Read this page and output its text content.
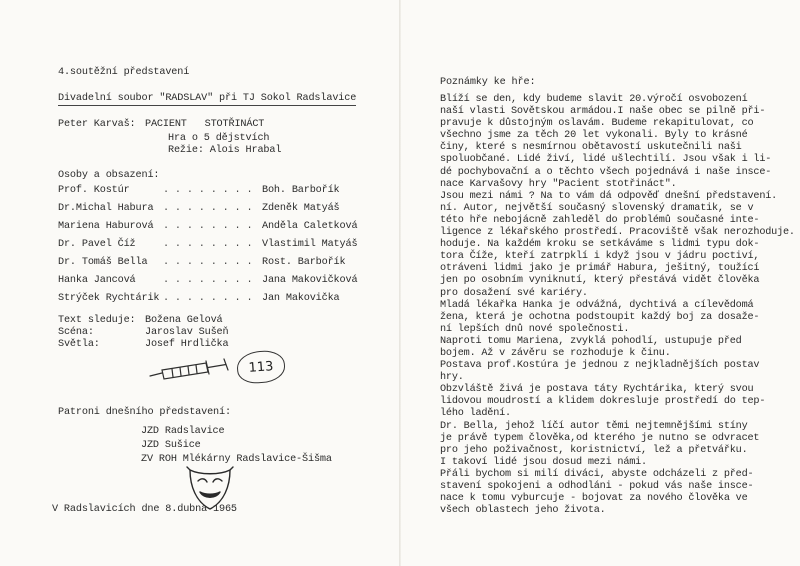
4.soutěžní představení
Divadelní soubor "RADSLAV" při TJ Sokol Radslavice
Peter Karvaš: PACIENT   STOTŘINÁCT
Hra o 5 dějstvích
Režie: Alois Hrabal
Osoby a obsazení:
Prof. Kostúr	. . . . . . . . Boh. Barbořík
Dr.Michal Habura . . . . . . . . Zdeněk Matyáš
Mariena Haburová . . . . . . . . Anděla Caletková
Dr. Pavel Číž	. . . . . . . . Vlastimil Matyáš
Dr. Tomáš Bella . . . . . . . . Rost. Barbořík
Hanka Jancová	. . . . . . . . Jana Makovičková
Strýček Rychtárik . . . . . . . . Jan Makovička
Text sleduje: Božena Gelová
Scéna:	Jaroslav Sušeň
Světla:	Josef Hrdlička
113
Patroni dnešního představení:
JZD Radslavice
JZD Sušice
ZV ROH Mlékárny Radslavice-Šišma
V Radslavicích dne 8.dubna 1965
Poznámky ke hře:

Blíží se den, kdy budeme slavit 20.výročí osvobození

naší vlasti Sovětskou armádou.I naše obec se pilně při-

pravuje k důstojným oslavám. Budeme rekapitulovat, co

všechno jsme za těch 20 let vykonali. Byly to krásné

činy, které s nesmírnou obětavostí uskutečnili naši

spoluobčané. Lidé živí, lidé ušlechtilí. Jsou však i li-

dé pochybovační a o těchto všech pojednává i naše insce-

nace Karvašovy hry "Pacient stotřináct".

Jsou mezi námi ? Na to vám dá odpověď dnešní představení.

ní. Autor, největší současný slovenský dramatik, se v

této hře nebojácně zahleděl do problémů současné inte-

ligence z lékařského prostředí. Pracoviště však nerozhoduje.

hoduje. Na každém kroku se setkáváme s lidmi typu dok-

tora Číže, kteří zatrpklí i když jsou v jádru poctiví,

otráveni lidmi jako je primář Habura, ješitný, toužící

jen po osobním vyniknutí, který přestává vidět člověka

pro dosažení své kariéry.

Mladá lékařka Hanka je odvážná, dychtivá a cílevědomá

žena, která je ochotna podstoupit každý boj za dosaže-

ní lepších dnů nové společnosti.

Naproti tomu Mariena, zvyklá pohodlí, ustupuje před

bojem. Až v závěru se rozhoduje k činu.

Postava prof.Kostúra je jednou z nejkladnějších postav

hry.

Obzvláště živá je postava táty Rychtárika, který svou

lidovou moudrostí a klidem dokresluje prostředí do tep-

lého ladění.

Dr. Bella, jehož líčí autor těmi nejtemnějšími stíny

je právě typem člověka,od kterého je nutno se odvracet

pro jeho poživačnost, koristnictví, lež a přetvářku.

I takoví lidé jsou dosud mezi námi.

Přáli bychom si milí diváci, abyste odcházeli z před-

stavení spokojeni a odhodláni - pokud vás naše insce-

nace k tomu vyburcuje - bojovat za nového člověka ve

všech oblastech jeho života.
